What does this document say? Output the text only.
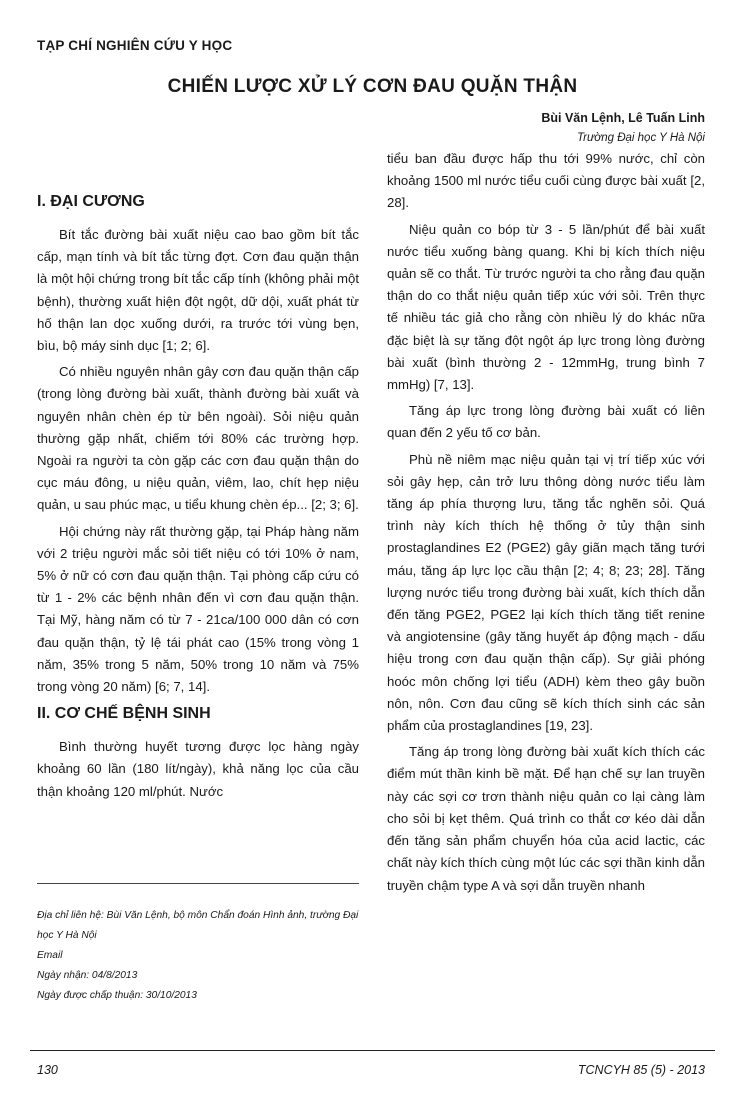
TẠP CHÍ NGHIÊN CỨU Y HỌC
CHIẾN LƯỢC XỬ LÝ CƠN ĐAU QUẶN THẬN
Bùi Văn Lệnh, Lê Tuấn Linh
Trường Đại học Y Hà Nội
I. ĐẠI CƯƠNG

Bít tắc đường bài xuất niệu cao bao gồm bít tắc cấp, mạn tính và bít tắc từng đợt. Cơn đau quặn thận là một hội chứng trong bít tắc cấp tính (không phải một bệnh), thường xuất hiện đột ngột, dữ dội, xuất phát từ hố thận lan dọc xuống dưới, ra trước tới vùng bẹn, bìu, bộ máy sinh dục [1; 2; 6].

Có nhiều nguyên nhân gây cơn đau quặn thận cấp (trong lòng đường bài xuất, thành đường bài xuất và nguyên nhân chèn ép từ bên ngoài). Sỏi niệu quản thường gặp nhất, chiếm tới 80% các trường hợp. Ngoài ra người ta còn gặp các cơn đau quặn thận do cục máu đông, u niệu quản, viêm, lao, chít hẹp niệu quản, u sau phúc mạc, u tiểu khung chèn ép... [2; 3; 6].

Hội chứng này rất thường gặp, tại Pháp hàng năm với 2 triệu người mắc sỏi tiết niệu có tới 10% ở nam, 5% ở nữ có cơn đau quặn thận. Tại phòng cấp cứu có từ 1 - 2% các bệnh nhân đến vì cơn đau quặn thận. Tại Mỹ, hàng năm có từ 7 - 21ca/100 000 dân có cơn đau quặn thận, tỷ lệ tái phát cao (15% trong vòng 1 năm, 35% trong 5 năm, 50% trong 10 năm và 75% trong vòng 20 năm) [6; 7, 14].

II. CƠ CHẾ BỆNH SINH

Bình thường huyết tương được lọc hàng ngày khoảng 60 lần (180 lít/ngày), khả năng lọc của cầu thận khoảng 120 ml/phút. Nước

Địa chỉ liên hệ: Bùi Văn Lệnh, bộ môn Chẩn đoán Hình ảnh, trường Đại học Y Hà Nội
Email
Ngày nhận: 04/8/2013
Ngày được chấp thuận: 30/10/2013

tiểu ban đầu được hấp thu tới 99% nước, chỉ còn khoảng 1500 ml nước tiểu cuối cùng được bài xuất [2, 28].

Niệu quản co bóp từ 3 - 5 lần/phút để bài xuất nước tiểu xuống bàng quang. Khi bị kích thích niệu quản sẽ co thắt. Từ trước người ta cho rằng đau quặn thận do co thắt niệu quản tiếp xúc với sỏi. Trên thực tế nhiều tác giả cho rằng còn nhiều lý do khác nữa đặc biệt là sự tăng đột ngột áp lực trong lòng đường bài xuất (bình thường 2 - 12mmHg, trung bình 7 mmHg) [7, 13].

Tăng áp lực trong lòng đường bài xuất có liên quan đến 2 yếu tố cơ bản.

Phù nề niêm mạc niệu quản tại vị trí tiếp xúc với sỏi gây hẹp, cản trở lưu thông dòng nước tiểu làm tăng áp phía thượng lưu, tăng tắc nghẽn sỏi. Quá trình này kích thích hệ thống ở tủy thận sinh prostaglandines E2 (PGE2) gây giãn mạch tăng tưới máu, tăng áp lực lọc cầu thận [2; 4; 8; 23; 28]. Tăng lượng nước tiểu trong đường bài xuất, kích thích dẫn đến tăng PGE2, PGE2 lại kích thích tăng tiết renine và angiotensine (gây tăng huyết áp động mạch - dấu hiệu trong cơn đau quặn thận cấp). Sự giải phóng hoóc môn chống lợi tiểu (ADH) kèm theo gây buồn nôn, nôn. Cơn đau cũng sẽ kích thích sinh các sản phẩm của prostaglandines [19, 23].

Tăng áp trong lòng đường bài xuất kích thích các điểm mút thần kinh bề mặt. Để hạn chế sự lan truyền này các sợi cơ trơn thành niệu quản co lại càng làm cho sỏi bị kẹt thêm. Quá trình co thắt cơ kéo dài dẫn đến tăng sản phẩm chuyển hóa của acid lactic, các chất này kích thích cùng một lúc các sợi thần kinh dẫn truyền chậm type A và sợi dẫn truyền nhanh

130	TCNCYH 85 (5) - 2013
